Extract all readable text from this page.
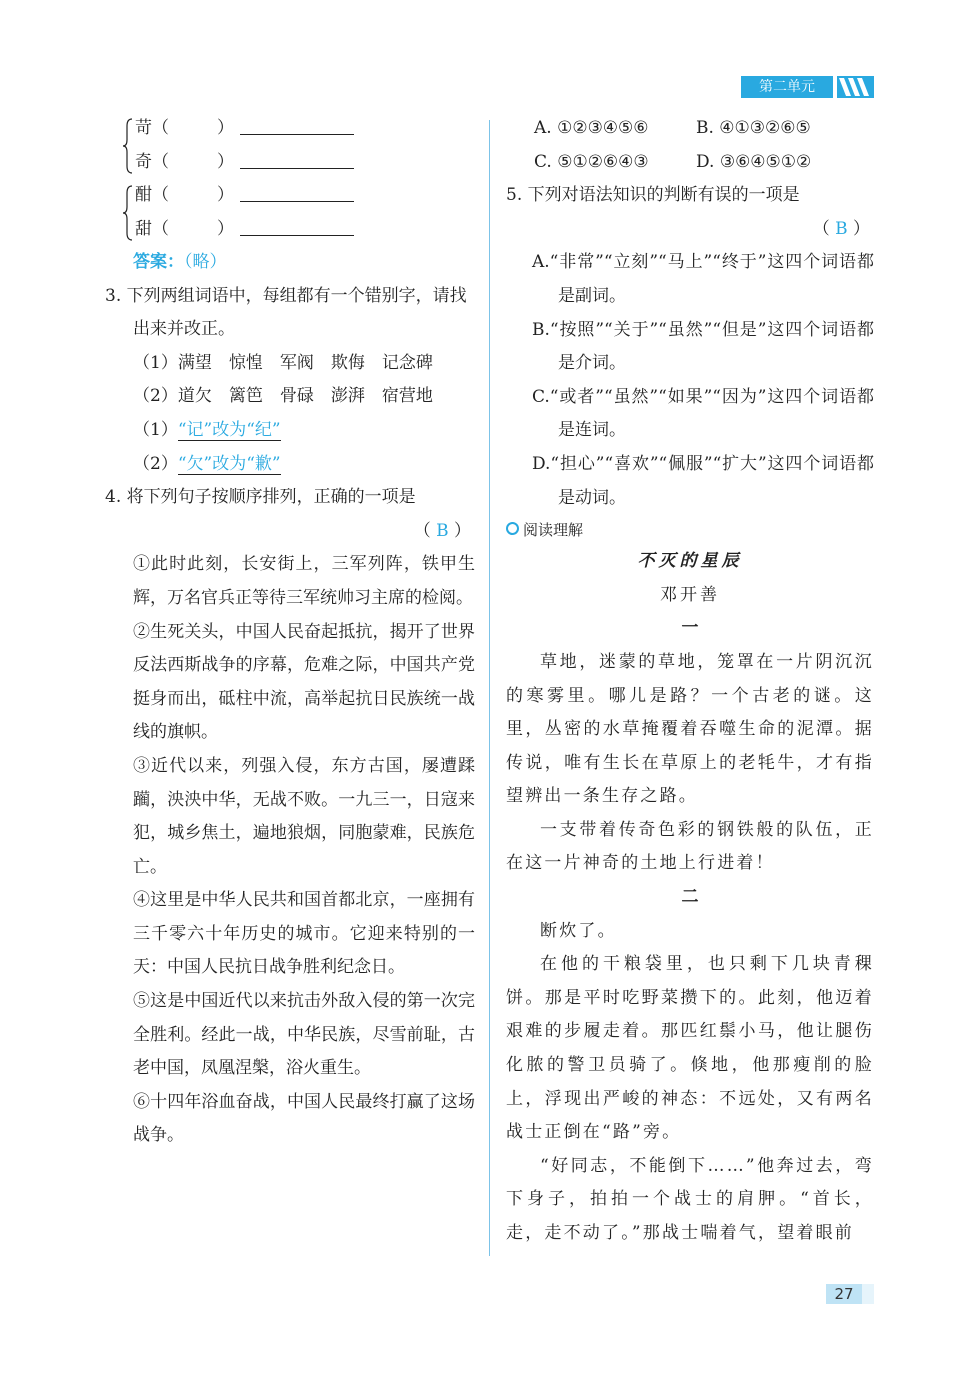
第二单元
苛（	）
奇（	）
酣（	）
甜（	）
答案：（略）
3. 下列两组词语中，每组都有一个错别字，请找出来并改正。
（1）满望　惊惶　军阀　欺侮　记念碑
（2）道欠　篱笆　骨碌　澎湃　宿营地
（1）“记”改为“纪”
（2）“欠”改为“歉”
4. 将下列句子按顺序排列，正确的一项是
（ B ）
①此时此刻，长安街上，三军列阵，铁甲生辉，万名官兵正等待三军统帅习主席的检阅。
②生死关头，中国人民奋起抵抗，揭开了世界反法西斯战争的序幕，危难之际，中国共产党挺身而出，砥柱中流，高举起抗日民族统一战线的旗帜。
③近代以来，列强入侵，东方古国，屡遭蹂躏，泱泱中华，无战不败。一九三一，日寇来犯，城乡焦土，遍地狼烟，同胞蒙难，民族危亡。
④这里是中华人民共和国首都北京，一座拥有三千零六十年历史的城市。它迎来特别的一天：中国人民抗日战争胜利纪念日。
⑤这是中国近代以来抗击外敌入侵的第一次完全胜利。经此一战，中华民族，尽雪前耻，古老中国，凤凰涅槃，浴火重生。
⑥十四年浴血奋战，中国人民最终打赢了这场战争。
A. ①②③④⑤⑥	B. ④①③②⑥⑤
C. ⑤①②⑥④③	D. ③⑥④⑤①②
5. 下列对语法知识的判断有误的一项是
（ B ）
A.“非常”“立刻”“马上”“终于”这四个词语都是副词。
B.“按照”“关于”“虽然”“但是”这四个词语都是介词。
C.“或者”“虽然”“如果”“因为”这四个词语都是连词。
D.“担心”“喜欢”“佩服”“扩大”这四个词语都是动词。
阅读理解
不灭的星辰
邓开善
一
草地，迷蒙的草地，笼罩在一片阴沉沉的寒雾里。哪儿是路？一个古老的谜。这里，丛密的水草掩覆着吞噬生命的泥潭。据传说，唯有生长在草原上的老牦牛，才有指望辨出一条生存之路。
一支带着传奇色彩的钢铁般的队伍，正在这一片神奇的土地上行进着！
二
断炊了。
在他的干粮袋里，也只剩下几块青稞饼。那是平时吃野菜攒下的。此刻，他迈着艰难的步履走着。那匹红鬃小马，他让腿伤化脓的警卫员骑了。倏地，他那瘦削的脸上，浮现出严峻的神态：不远处，又有两名战士正倒在“路”旁。
“好同志，不能倒下……”他奔过去，弯下身子，拍拍一个战士的肩胛。“首长，走，走不动了。”那战士喘着气，望着眼前
27
